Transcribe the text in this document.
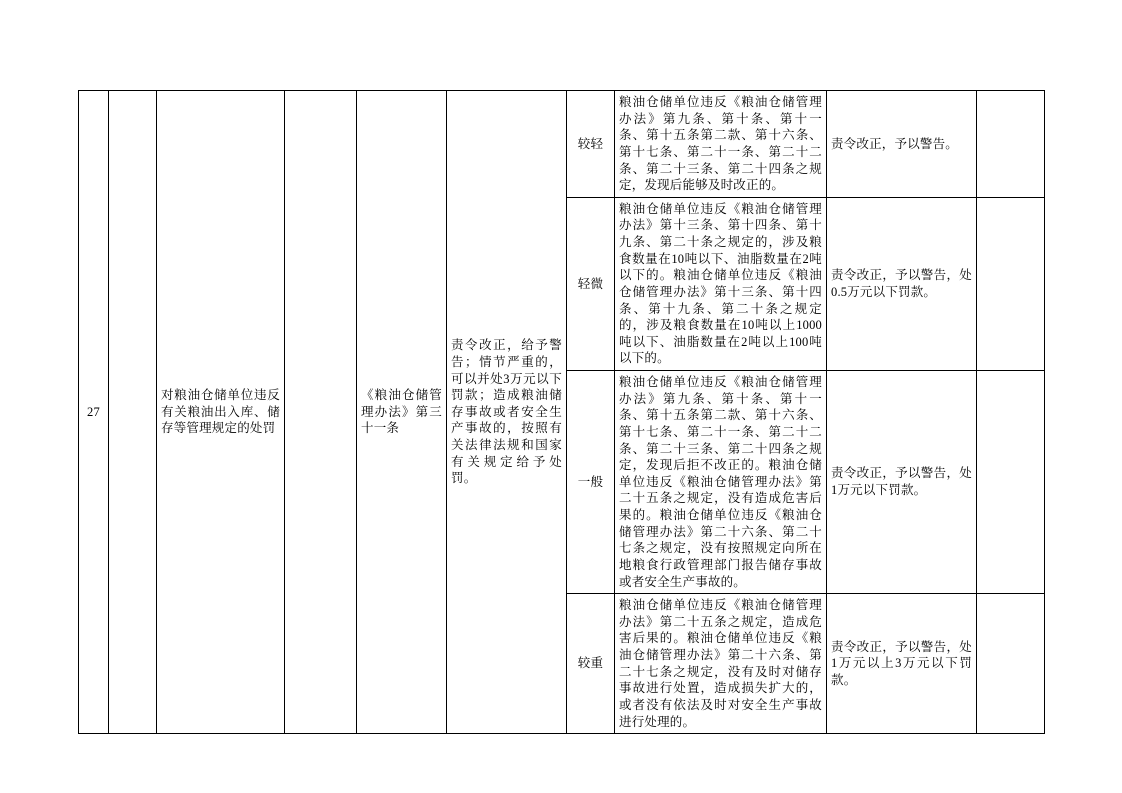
27		对粮油仓储单位违反有关粮油出入库、储存等管理规定的处罚		《粮油仓储管理办法》第三十一条	责令改正，给予警告；情节严重的，可以并处3万元以下罚款；造成粮油储存事故或者安全生产事故的，按照有关法律法规和国家有关规定给予处罚。	较轻	粮油仓储单位违反《粮油仓储管理办法》第九条、第十条、第十一条、第十五条第二款、第十六条、第十七条、第二十一条、第二十二条、第二十三条、第二十四条之规定，发现后能够及时改正的。	责令改正，予以警告。	
						轻微	粮油仓储单位违反《粮油仓储管理办法》第十三条、第十四条、第十九条、第二十条之规定的，涉及粮食数量在10吨以下、油脂数量在2吨以下的。粮油仓储单位违反《粮油仓储管理办法》第十三条、第十四条、第十九条、第二十条之规定的，涉及粮食数量在10吨以上1000吨以下、油脂数量在2吨以上100吨以下的。	责令改正，予以警告，处0.5万元以下罚款。	
						一般	粮油仓储单位违反《粮油仓储管理办法》第九条、第十条、第十一条、第十五条第二款、第十六条、第十七条、第二十一条、第二十二条、第二十三条、第二十四条之规定，发现后拒不改正的。粮油仓储单位违反《粮油仓储管理办法》第二十五条之规定，没有造成危害后果的。粮油仓储单位违反《粮油仓储管理办法》第二十六条、第二十七条之规定，没有按照规定向所在地粮食行政管理部门报告储存事故或者安全生产事故的。	责令改正，予以警告，处1万元以下罚款。	
						较重	粮油仓储单位违反《粮油仓储管理办法》第二十五条之规定，造成危害后果的。粮油仓储单位违反《粮油仓储管理办法》第二十六条、第二十七条之规定，没有及时对储存事故进行处置，造成损失扩大的，或者没有依法及时对安全生产事故进行处理的。	责令改正，予以警告，处1万元以上3万元以下罚款。	
